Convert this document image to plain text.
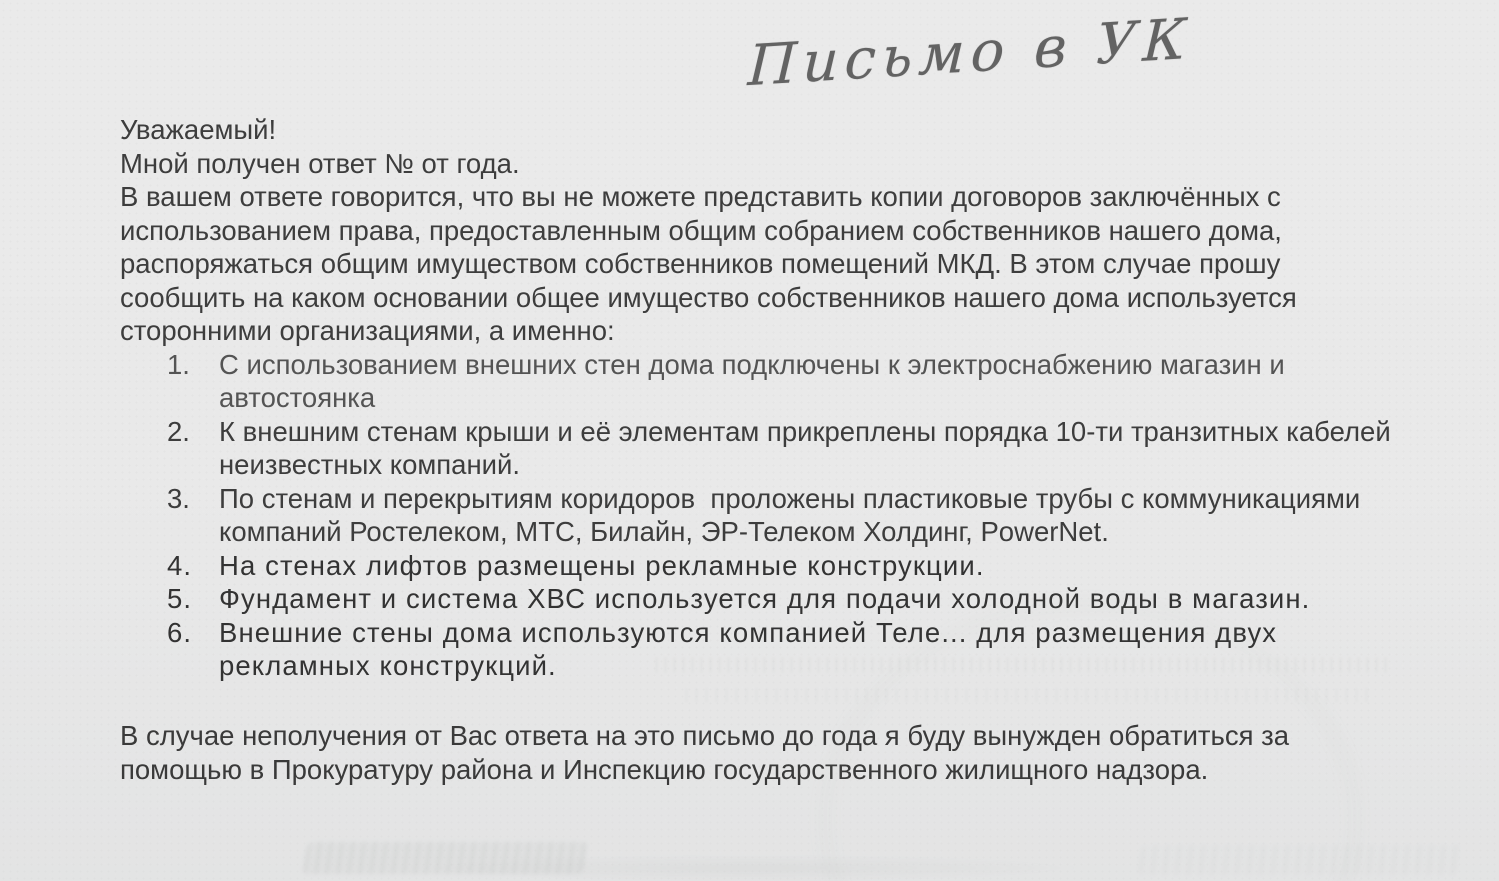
Письмо в УК
Уважаемый!
Мной получен ответ № от года.
В вашем ответе говорится, что вы не можете представить копии договоров заключённых с
использованием права, предоставленным общим собранием собственников нашего дома,
распоряжаться общим имуществом собственников помещений МКД. В этом случае прошу
сообщить на каком основании общее имущество собственников нашего дома используется
сторонними организациями, а именно:
1.	С использованием внешних стен дома подключены к электроснабжению магазин и
автостоянка
2.	К внешним стенам крыши и её элементам прикреплены порядка 10-ти транзитных кабелей
неизвестных компаний.
3.	По стенам и перекрытиям коридоров  проложены пластиковые трубы с коммуникациями
компаний Ростелеком, МТС, Билайн, ЭР-Телеком Холдинг, PowerNet.
4. На стенах лифтов размещены рекламные конструкции.
5. Фундамент и система ХВС используется для подачи холодной воды в магазин.
6. Внешние стены дома используются компанией Теле... для размещения двух
рекламных конструкций.
В случае неполучения от Вас ответа на это письмо до года я буду вынужден обратиться за
помощью в Прокуратуру района и Инспекцию государственного жилищного надзора.
